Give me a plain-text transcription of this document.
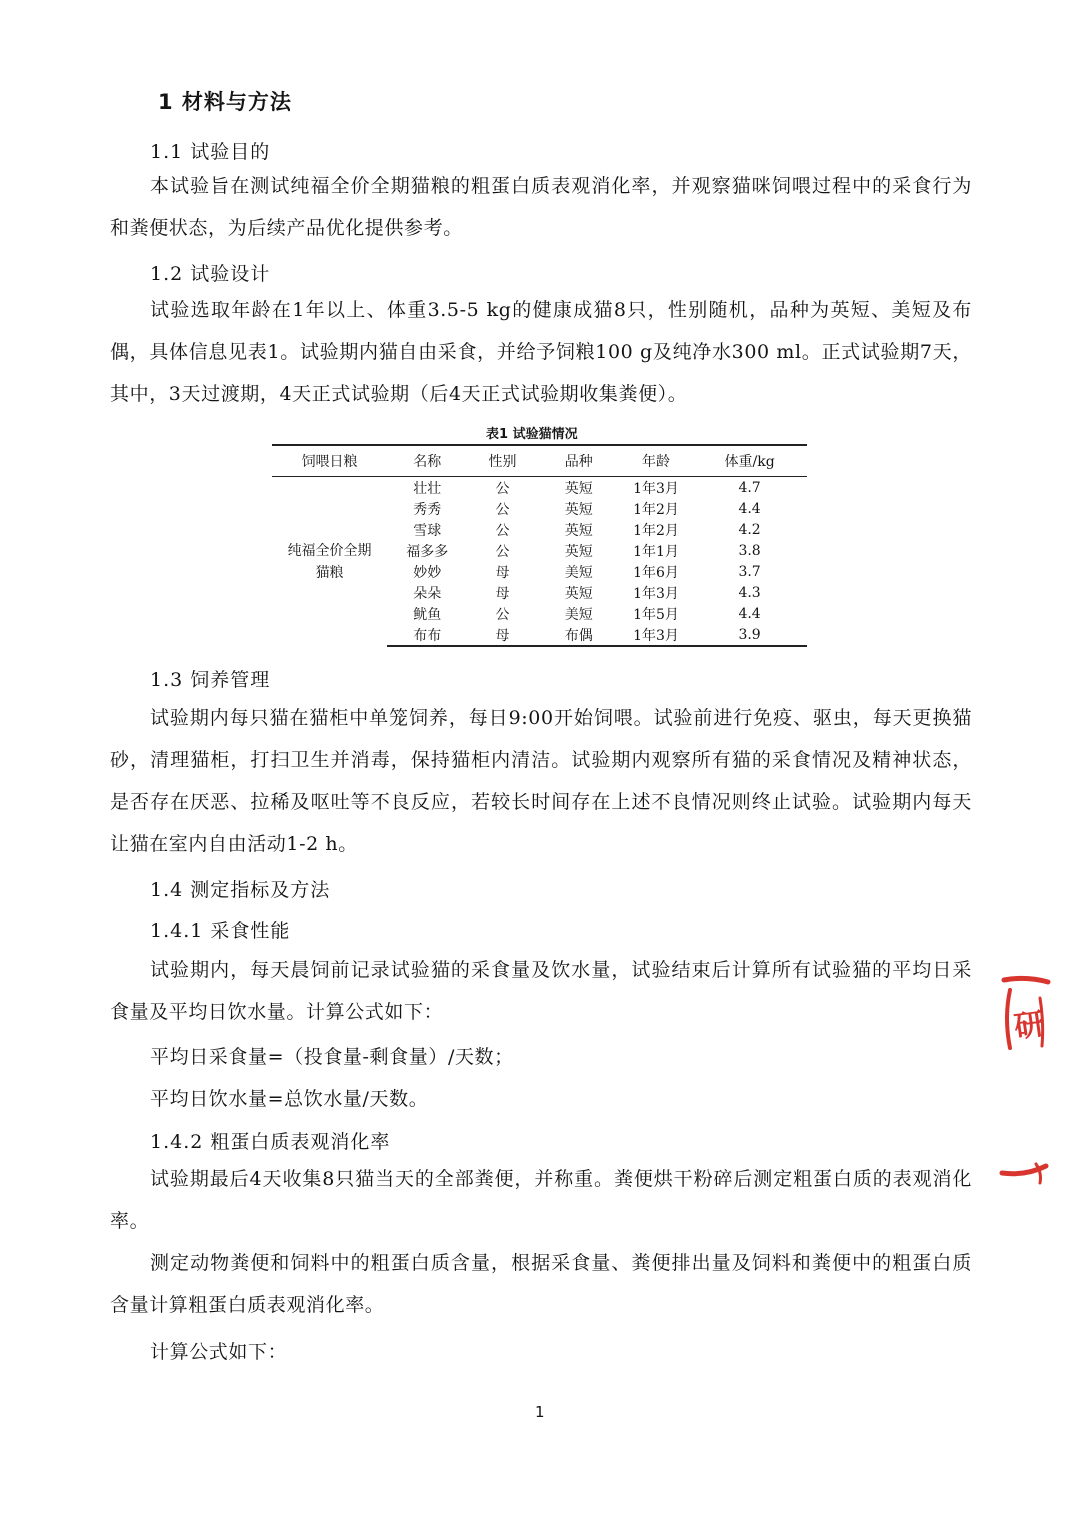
1 材料与方法
1.1 试验目的
本试验旨在测试纯福全价全期猫粮的粗蛋白质表观消化率，并观察猫咪饲喂过程中的采食行为和粪便状态，为后续产品优化提供参考。
1.2 试验设计
试验选取年龄在1年以上、体重3.5-5 kg的健康成猫8只，性别随机，品种为英短、美短及布偶，具体信息见表1。试验期内猫自由采食，并给予饲粮100 g及纯净水300 ml。正式试验期7天，其中，3天过渡期，4天正式试验期（后4天正式试验期收集粪便）。
表1 试验猫情况
饲喂日粮	名称	性别	品种	年龄	体重/kg

纯福全价全期
猫粮	壮壮	公	英短	1年3月	4.7
	秀秀	公	英短	1年2月	4.4
	雪球	公	英短	1年2月	4.2
	福多多	公	英短	1年1月	3.8
	妙妙	母	美短	1年6月	3.7
	朵朵	母	英短	1年3月	4.3
	鱿鱼	公	美短	1年5月	4.4
	布布	母	布偶	1年3月	3.9
1.3 饲养管理
试验期内每只猫在猫柜中单笼饲养，每日9:00开始饲喂。试验前进行免疫、驱虫，每天更换猫砂，清理猫柜，打扫卫生并消毒，保持猫柜内清洁。试验期内观察所有猫的采食情况及精神状态，是否存在厌恶、拉稀及呕吐等不良反应，若较长时间存在上述不良情况则终止试验。试验期内每天让猫在室内自由活动1-2 h。
1.4 测定指标及方法
1.4.1 采食性能
试验期内，每天晨饲前记录试验猫的采食量及饮水量，试验结束后计算所有试验猫的平均日采食量及平均日饮水量。计算公式如下：
平均日采食量=（投食量-剩食量）/天数；
平均日饮水量=总饮水量/天数。
1.4.2 粗蛋白质表观消化率
试验期最后4天收集8只猫当天的全部粪便，并称重。粪便烘干粉碎后测定粗蛋白质的表观消化率。
测定动物粪便和饲料中的粗蛋白质含量，根据采食量、粪便排出量及饲料和粪便中的粗蛋白质含量计算粗蛋白质表观消化率。
计算公式如下：
1
研
